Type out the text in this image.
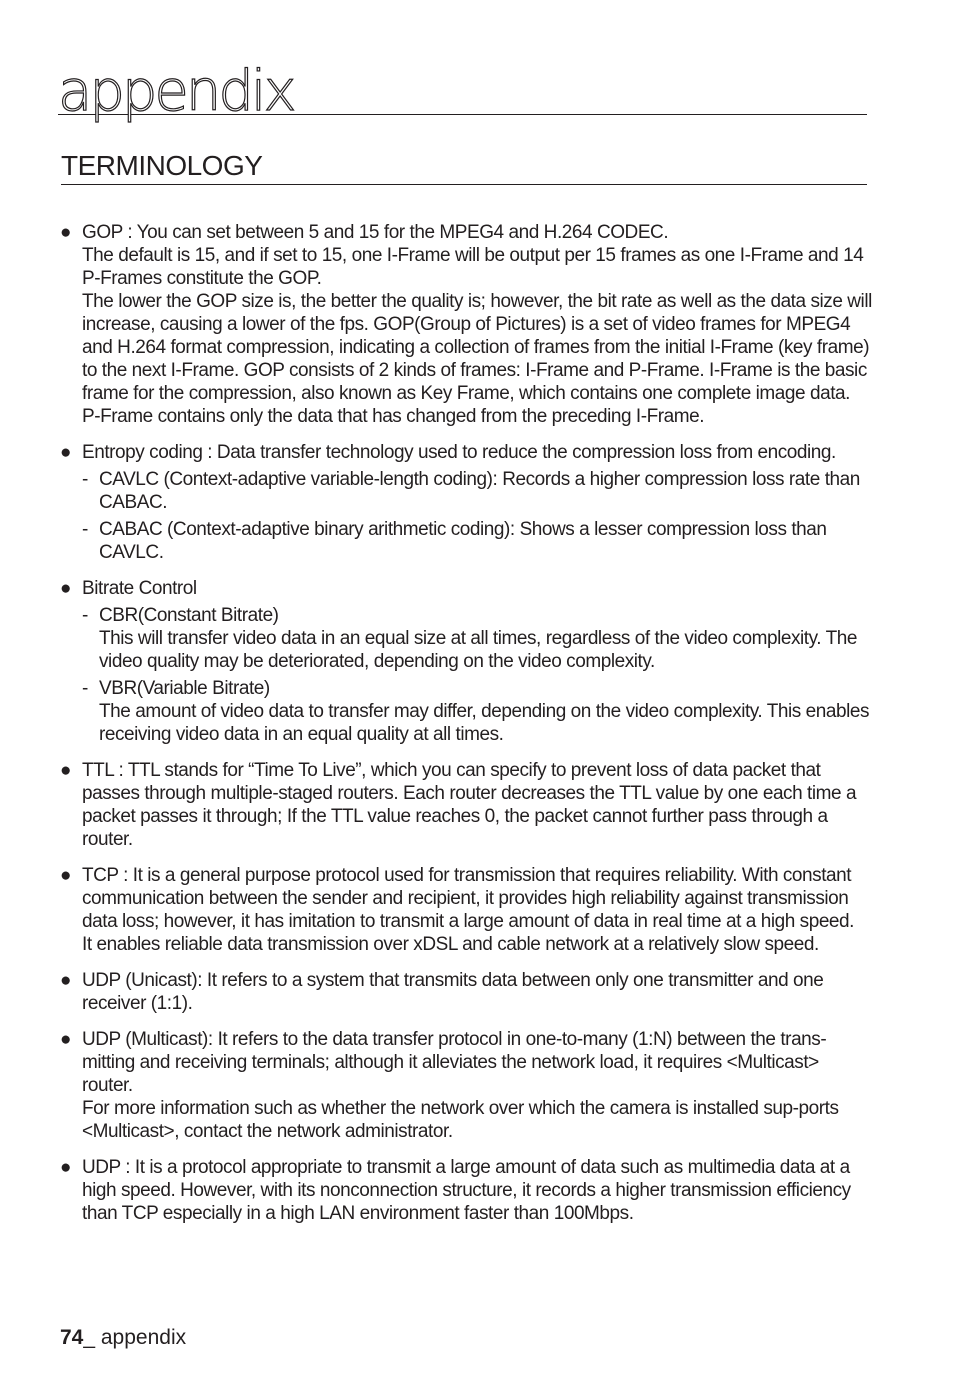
appendix
TERMINOLOGY
● GOP : You can set between 5 and 15 for the MPEG4 and H.264 CODEC.

The default is 15, and if set to 15, one I-Frame will be output per 15 frames as one I-Frame and 14 P-Frames constitute the GOP.

The lower the GOP size is, the better the quality is; however, the bit rate as well as the data size will increase, causing a lower of the fps. GOP(Group of Pictures) is a set of video frames for MPEG4 and H.264 format compression, indicating a collection of frames from the initial I-Frame (key frame) to the next I-Frame. GOP consists of 2 kinds of frames: I-Frame and P-Frame. I-Frame is the basic frame for the compression, also known as Key Frame, which contains one complete image data. P-Frame contains only the data that has changed from the preceding I-Frame.

● Entropy coding : Data transfer technology used to reduce the compression loss from encoding.

- CAVLC (Context-adaptive variable-length coding): Records a higher compression loss rate than CABAC.

- CABAC (Context-adaptive binary arithmetic coding): Shows a lesser compression loss than CAVLC.

● Bitrate Control

- CBR(Constant Bitrate)
This will transfer video data in an equal size at all times, regardless of the video complexity. The video quality may be deteriorated, depending on the video complexity.

- VBR(Variable Bitrate)
The amount of video data to transfer may differ, depending on the video complexity. This enables receiving video data in an equal quality at all times.

● TTL : TTL stands for “Time To Live”, which you can specify to prevent loss of data packet that passes through multiple-staged routers. Each router decreases the TTL value by one each time a packet passes it through; If the TTL value reaches 0, the packet cannot further pass through a router.

● TCP : It is a general purpose protocol used for transmission that requires reliability. With constant communication between the sender and recipient, it provides high reliability against transmission data loss; however, it has imitation to transmit a large amount of data in real time at a high speed.

It enables reliable data transmission over xDSL and cable network at a relatively slow speed.

● UDP (Unicast): It refers to a system that transmits data between only one transmitter and one receiver (1:1).

● UDP (Multicast): It refers to the data transfer protocol in one-to-many (1:N) between the trans-mitting and receiving terminals; although it alleviates the network load, it requires <Multicast> router.

For more information such as whether the network over which the camera is installed sup-ports <Multicast>, contact the network administrator.

● UDP : It is a protocol appropriate to transmit a large amount of data such as multimedia data at a high speed. However, with its nonconnection structure, it records a higher transmission efficiency than TCP especially in a high LAN environment faster than 100Mbps.

74_ appendix
